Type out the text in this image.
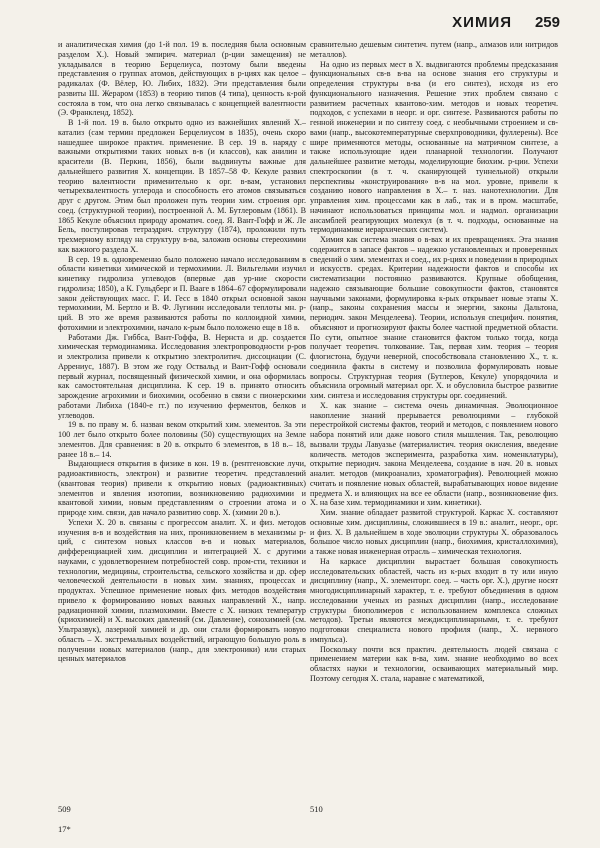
ХИМИЯ 259

и аналитическая химия (до 1-й пол. 19 в. последняя была основным разделом Х.). Новый эмпирич. материал (р-ции замещения) не укладывался в теорию Берцелиуса, поэтому были введены представления о группах атомов, действующих в р-циях как целое – радикалах (Ф. Вёлер, Ю. Либих, 1832). Эти представления были развиты Ш. Жераром (1853) в теорию типов (4 типа), ценность к-рой состояла в том, что она легко связывалась с концепцией валентности (Э. Франкленд, 1852).

В 1-й пол. 19 в. было открыто одно из важнейших явлений Х.– катализ (сам термин предложен Берцелиусом в 1835), очень скоро нашедшее широкое практич. применение. В сер. 19 в. наряду с важными открытиями таких новых в-в (и классов), как анилин и красители (В. Перкин, 1856), были выдвинуты важные для дальнейшего развития Х. концепции. В 1857–58 Ф. Кекуле развил теорию валентности применительно к орг. в-вам, установил четырехвалентность углерода и способность его атомов связываться друг с другом. Этим был проложен путь теории хим. строения орг. соед. (структурной теории), построенной А. М. Бутлеровым (1861). В 1865 Кекуле объяснил природу ароматич. соед. Я. Вант-Гофф и Ж. Ле Бель, постулировав тетраэдрич. структуру (1874), проложили путь трехмерному взгляду на структуру в-ва, заложив основы стереохимии как важного раздела Х.

В сер. 19 в. одновременно было положено начало исследованиям в области кинетики химической и термохимии. Л. Вильгельми изучил кинетику гидролиза углеводов (впервые дав ур-ние скорости гидролиза; 1850), а К. Гульдберг и П. Вааге в 1864–67 сформулировали закон действующих масс. Г. И. Гесс в 1840 открыл основной закон термохимии, М. Бертло и В. Ф. Лугинин исследовали теплоты мн. р-ций. В это же время развиваются работы по коллоидной химии, фотохимии и электрохимии, начало к-рым было положено еще в 18 в.

Работами Дж. Гиббса, Вант-Гоффа, В. Нернста и др. создается химическая термодинамика. Исследования электропроводности р-ров и электролиза привели к открытию электролитич. диссоциации (С. Аррениус, 1887). В этом же году Оствальд и Вант-Гофф основали первый журнал, посвященный физической химии, и она оформилась как самостоятельная дисциплина. К сер. 19 в. принято относить зарождение агрохимии и биохимии, особенно в связи с пионерскими работами Либиха (1840-е гг.) по изучению ферментов, белков и углеводов.

19 в. по праву м. б. назван веком открытий хим. элементов. За эти 100 лет было открыто более половины (50) существующих на Земле элементов. Для сравнения: в 20 в. открыто 6 элементов, в 18 в.– 18, ранее 18 в.– 14.

Выдающиеся открытия в физике в кон. 19 в. (рентгеновские лучи, радиоактивность, электрон) и развитие теоретич. представлений (квантовая теория) привели к открытию новых (радиоактивных) элементов и явления изотопии, возникновению радиохимии и квантовой химии, новым представлениям о строении атома и о природе хим. связи, дав начало развитию совр. Х. (химии 20 в.).

Успехи Х. 20 в. связаны с прогрессом аналит. Х. и физ. методов изучения в-в и воздействия на них, проникновением в механизмы р-ций, с синтезом новых классов в-в и новых материалов, дифференциацией хим. дисциплин и интеграцией Х. с другими науками, с удовлетворением потребностей совр. пром-сти, техники и технологии, медицины, строительства, сельского хозяйства и др. сфер человеческой деятельности в новых хим. знаниях, процессах и продуктах. Успешное применение новых физ. методов воздействия привело к формированию новых важных направлений Х., напр. радиационной химии, плазмохимии. Вместе с Х. низких температур (криохимией) и Х. высоких давлений (см. Давление), сонохимией (см. Ультразвук), лазерной химией и др. они стали формировать новую область – Х. экстремальных воздействий, играющую большую роль в получении новых материалов (напр., для электроники) или старых ценных материалов

сравнительно дешевым синтетич. путем (напр., алмазов или нитридов металлов).

На одно из первых мест в Х. выдвигаются проблемы предсказания функциональных св-в в-ва на основе знания его структуры и определения структуры в-ва (и его синтез), исходя из его функционального назначения. Решение этих проблем связано с развитием расчетных квантово-хим. методов и новых теоретич. подходов, с успехами в неорг. и орг. синтезе. Развиваются работы по генной инженерии и по синтезу соед. с необычными строением и св-вами (напр., высокотемпературные сверхпроводники, фуллерены). Все шире применяются методы, основанные на матричном синтезе, а также использующие идеи планарной технологии. Получают дальнейшее развитие методы, моделирующие биохим. р-ции. Успехи спектроскопии (в т. ч. сканирующей туннельной) открыли перспективы «конструирования» в-в на мол. уровне, привели к созданию нового направления в Х.– т. наз. нанотехнологии. Для управления хим. процессами как в лаб., так и в пром. масштабе, начинают использоваться принципы мол. и надмол. организации ансамблей реагирующих молекул (в т. ч. подходы, основанные на термодинамике иерархических систем).

Химия как система знания о в-вах и их превращениях. Эта знания содержится в запасе фактов – надежно установленных и проверенных сведений о хим. элементах и соед., их р-циях и поведении в природных и искусств. средах. Критерии надежности фактов и способы их систематизации постоянно развиваются. Крупные обобщения, надежно связывающие большие совокупности фактов, становятся научными законами, формулировка к-рых открывает новые этапы Х. (напр., законы сохранения массы и энергии, законы Дальтона, периодич. закон Менделеева). Теории, используя специфич. понятия, объясняют и прогнозируют факты более частной предметной области. По сути, опытное знание становится фактом только тогда, когда получает теоретич. толкование. Так, первая хим. теория – теория флогистона, будучи неверной, способствовала становлению Х., т. к. соединила факты в систему и позволила формулировать новые вопросы. Структурная теория (Бутлеров, Кекуле) упорядочила и объяснила огромный материал орг. Х. и обусловила быстрое развитие хим. синтеза и исследования структуры орг. соединений.

Х. как знание – система очень динамичная. Эволюционное накопление знаний прерывается революциями – глубокой перестройкой системы фактов, теорий и методов, с появлением нового набора понятий или даже нового стиля мышления. Так, революцию вызвали труды Лавуазье (материалистич. теория окисления, введение количеств. методов эксперимента, разработка хим. номенклатуры), открытие периодич. закона Менделеева, создание в нач. 20 в. новых аналит. методов (микроанализ, хроматография). Революцией можно считать и появление новых областей, вырабатывающих новое видение предмета Х. и влияющих на все ее области (напр., возникновение физ. Х. на базе хим. термодинамики и хим. кинетики).

Хим. знание обладает развитой структурой. Каркас Х. составляют основные хим. дисциплины, сложившиеся в 19 в.: аналит., неорг., орг. и физ. Х. В дальнейшем в ходе эволюции структуры Х. образовалось большое число новых дисциплин (напр., биохимия, кристаллохимия), а также новая инженерная отрасль – химическая технология.

На каркасе дисциплин вырастает большая совокупность исследовательских областей, часть из к-рых входит в ту или иную дисциплину (напр., Х. элементорг. соед. – часть орг. Х.), другие носят многодисциплинарный характер, т. е. требуют объединения в одном исследовании ученых из разных дисциплин (напр., исследование структуры биополимеров с использованием комплекса сложных методов). Третьи являются междисциплинарными, т. е. требуют подготовки специалиста нового профиля (напр., Х. нервного импульса).

Поскольку почти вся практич. деятельность людей связана с применением материи как в-ва, хим. знание необходимо во всех областях науки и технологии, осваивающих материальный мир. Поэтому сегодня Х. стала, наравне с математикой,

509	510
17*
